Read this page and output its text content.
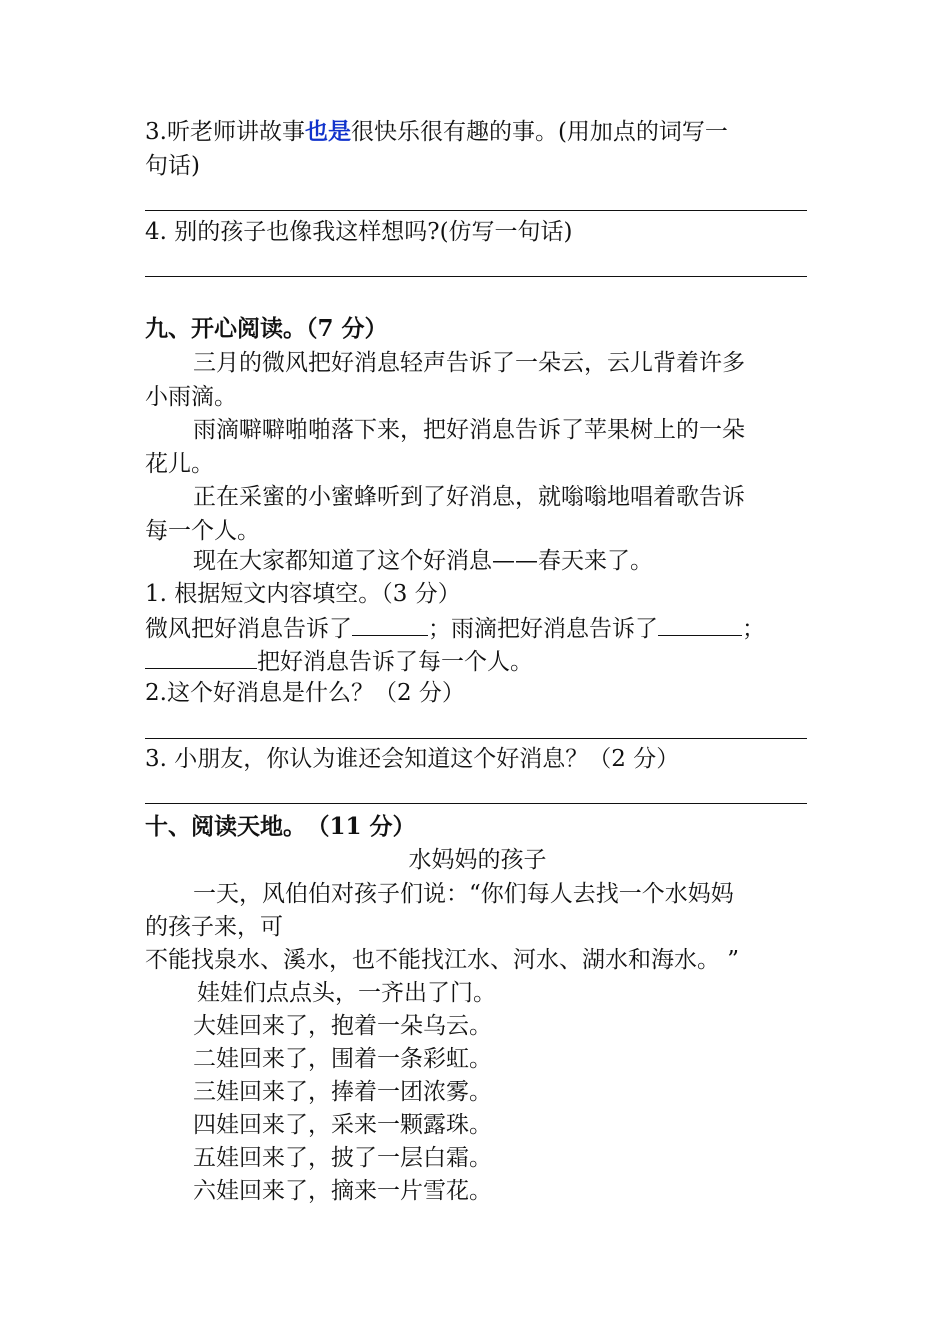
3.听老师讲故事也是很快乐很有趣的事。(用加点的词写一
句话)
4. 别的孩子也像我这样想吗?(仿写一句话)
九、开心阅读。（7 分）
三月的微风把好消息轻声告诉了一朵云，云儿背着许多
小雨滴。
雨滴噼噼啪啪落下来，把好消息告诉了苹果树上的一朵
花儿。
正在采蜜的小蜜蜂听到了好消息，就嗡嗡地唱着歌告诉
每一个人。
现在大家都知道了这个好消息——春天来了。
1. 根据短文内容填空。（3 分）
微风把好消息告诉了	；雨滴把好消息告诉了	；
把好消息告诉了每一个人。
2.这个好消息是什么？（2 分）
3. 小朋友，你认为谁还会知道这个好消息？（2 分）
十、阅读天地。 （11 分）
水妈妈的孩子
一天，风伯伯对孩子们说：“你们每人去找一个水妈妈
的孩子来，可
不能找泉水、溪水，也不能找江水、河水、湖水和海水。 ”
娃娃们点点头，一齐出了门。
大娃回来了，抱着一朵乌云。
二娃回来了，围着一条彩虹。
三娃回来了，捧着一团浓雾。
四娃回来了，采来一颗露珠。
五娃回来了，披了一层白霜。
六娃回来了，摘来一片雪花。
